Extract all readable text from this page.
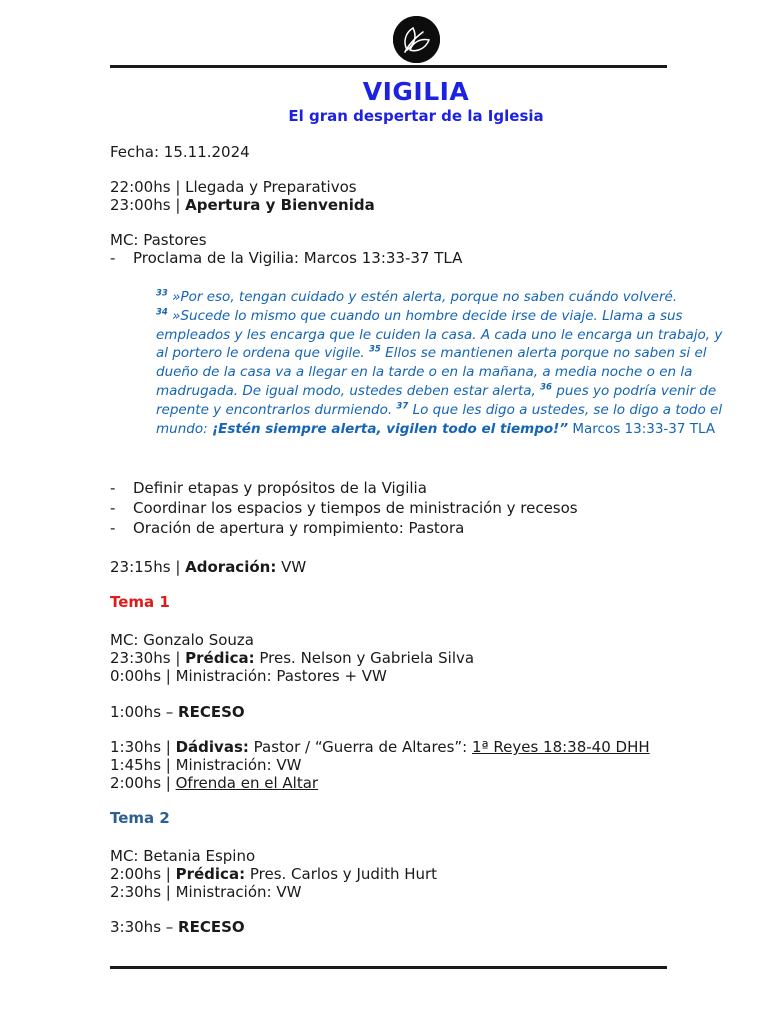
VIGILIA
El gran despertar de la Iglesia
Fecha: 15.11.2024
22:00hs | Llegada y Preparativos
23:00hs | Apertura y Bienvenida
MC: Pastores
- Proclama de la Vigilia: Marcos 13:33-37 TLA
$^{33}$ »Por eso, tengan cuidado y estén alerta, porque no saben cuándo volveré.
$^{34}$ »Sucede lo mismo que cuando un hombre decide irse de viaje. Llama a sus empleados y les encarga que le cuiden la casa. A cada uno le encarga un trabajo, y al portero le ordena que vigile. $^{35}$ Ellos se mantienen alerta porque no saben si el dueño de la casa va a llegar en la tarde o en la mañana, a media noche o en la madrugada. De igual modo, ustedes deben estar alerta, $^{36}$ pues yo podría venir de repente y encontrarlos durmiendo. $^{37}$ Lo que les digo a ustedes, se lo digo a todo el mundo: ¡Estén siempre alerta, vigilen todo el tiempo!” Marcos 13:33-37 TLA
- Definir etapas y propósitos de la Vigilia
- Coordinar los espacios y tiempos de ministración y recesos
- Oración de apertura y rompimiento: Pastora
23:15hs | Adoración: VW
Tema 1
MC: Gonzalo Souza
23:30hs | Prédica: Pres. Nelson y Gabriela Silva
0:00hs | Ministración: Pastores + VW
1:00hs – RECESO
1:30hs | Dádivas: Pastor / “Guerra de Altares”: 1ª Reyes 18:38-40 DHH
1:45hs | Ministración: VW
2:00hs | Ofrenda en el Altar
Tema 2
MC: Betania Espino
2:00hs | Prédica: Pres. Carlos y Judith Hurt
2:30hs | Ministración: VW
3:30hs – RECESO
